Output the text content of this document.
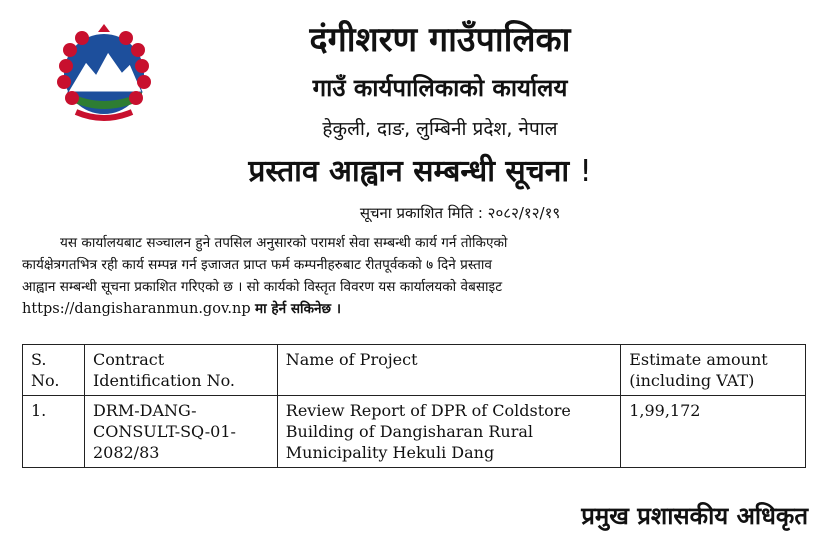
दंगीशरण गाउँपालिका
गाउँ कार्यपालिकाको कार्यालय
हेकुली, दाङ, लुम्बिनी प्रदेश, नेपाल
प्रस्ताव आह्वान सम्बन्धी सूचना !
सूचना प्रकाशित मिति : २०८२/१२/१९
यस कार्यालयबाट सञ्चालन हुने तपसिल अनुसारको परामर्श सेवा सम्बन्धी कार्य गर्न तोकिएको
कार्यक्षेत्रगतभित्र रही कार्य सम्पन्न गर्न इजाजत प्राप्त फर्म कम्पनीहरुबाट रीतपूर्वकको ७ दिने प्रस्ताव
आह्वान सम्बन्धी सूचना प्रकाशित गरिएको छ । सो कार्यको विस्तृत विवरण यस कार्यालयको वेबसाइट
https://dangisharanmun.gov.np मा हेर्न सकिनेछ ।
S. No.	Contract Identification No.	Name of Project	Estimate amount (including VAT)
1.	DRM-DANG-CONSULT-SQ-01-2082/83	Review Report of DPR of Coldstore Building of Dangisharan Rural Municipality Hekuli Dang	1,99,172
प्रमुख प्रशासकीय अधिकृत
